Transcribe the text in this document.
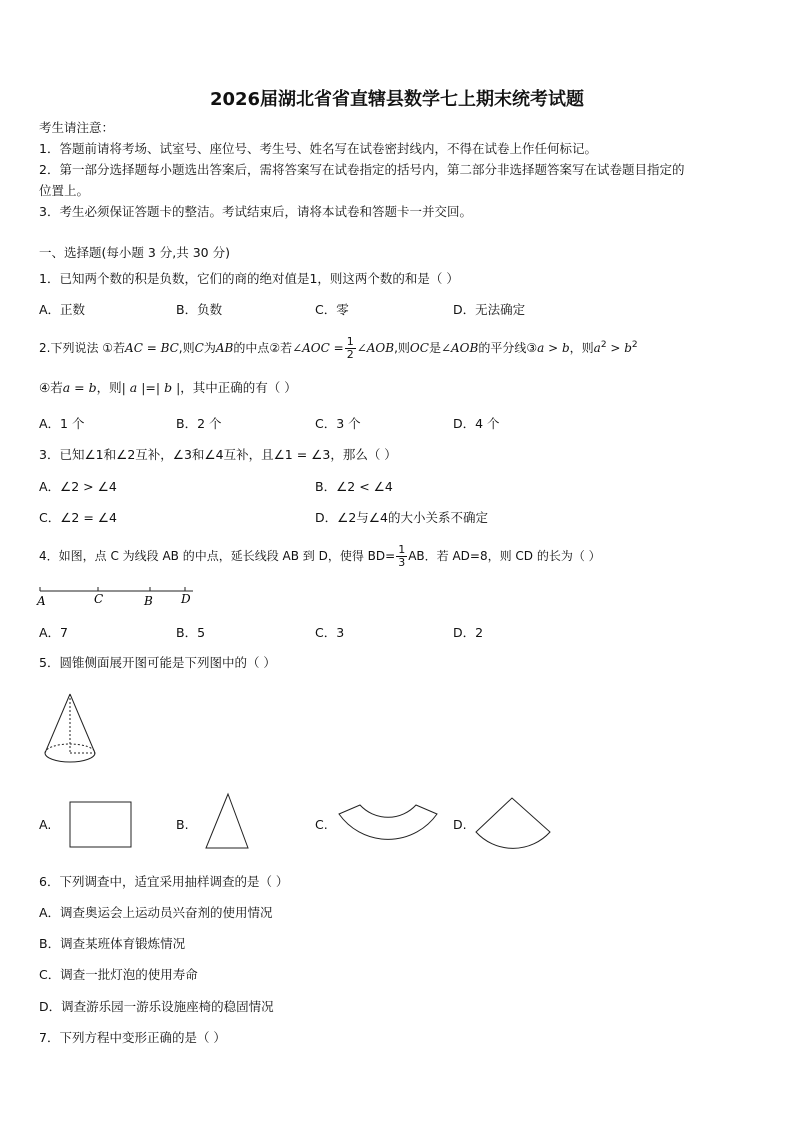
2026届湖北省省直辖县数学七上期末统考试题
考生请注意：
1．答题前请将考场、试室号、座位号、考生号、姓名写在试卷密封线内，不得在试卷上作任何标记。
2．第一部分选择题每小题选出答案后，需将答案写在试卷指定的括号内，第二部分非选择题答案写在试卷题目指定的
位置上。
3．考生必须保证答题卡的整洁。考试结束后，请将本试卷和答题卡一并交回。
一、选择题(每小题 3 分,共 30 分)
1．已知两个数的积是负数，它们的商的绝对值是1，则这两个数的和是（ ）
A．正数	B．负数	C．零	D．无法确定
2.下列说法 ①若AC = BC,则C为AB的中点②若∠AOC = $\frac{1}{2}$ ∠AOB,则OC是∠AOB的平分线③a > b，则$a^2 > b^2$
④若a = b，则| a |=| b |，其中正确的有（ ）
A．1 个	B．2 个	C．3 个	D．4 个
3．已知∠1和∠2互补，∠3和∠4互补，且∠1 = ∠3，那么（ ）
A．∠2 > ∠4	B．∠2 < ∠4
C．∠2 = ∠4	D．∠2与∠4的大小关系不确定
4．如图，点 C 为线段 AB 的中点，延长线段 AB 到 D，使得 $BD= \frac{1}{3}$ AB．若 AD=8，则 CD 的长为（ ）
A	C	B D
A．7	B．5	C．3	D．2
5．圆锥侧面展开图可能是下列图中的（ ）
A.	B.	C.	D.
6．下列调查中，适宜采用抽样调查的是（ ）
A．调查奥运会上运动员兴奋剂的使用情况
B．调查某班体育锻炼情况
C．调查一批灯泡的使用寿命
D．调查游乐园一游乐设施座椅的稳固情况
7．下列方程中变形正确的是（ ）
